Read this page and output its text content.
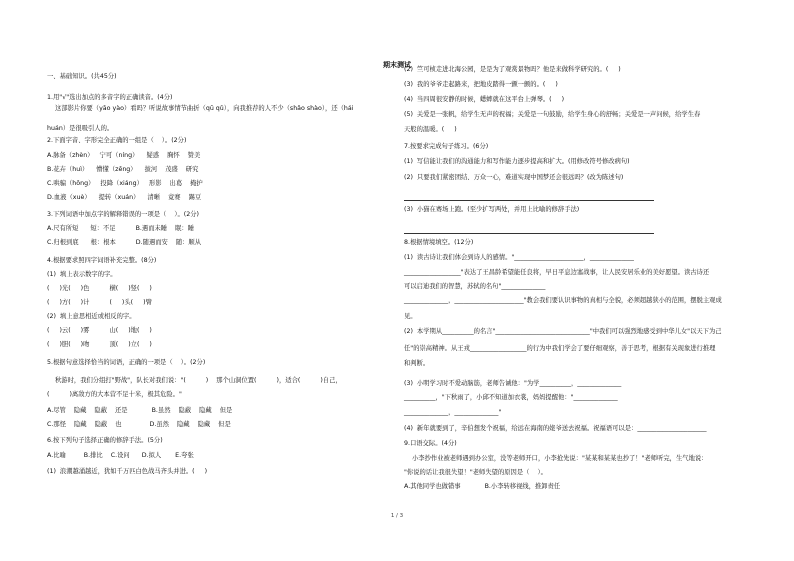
期末测试
一、基础知识。(共45分)
1.用"√"选出加点的多音字的正确读音。(4分)
这部影片你要（yāo yào）看吗？听说故事情节曲折（qū qǔ），向我推荐的人不少（shǎo shào），还（hái
huán）是很吸引人的。
2.下面字音、字形完全正确的一组是（    ）。(2分)
A.脉备（zhèn）   宁可（níng）    疑惑    胸怀    赞美
B.花卉（huì）    懵懂（zēng）    拔河    茂盛    研究
C.哄骗（hōng）   投降（xiáng）   形影    出葛    掩护
D.血液（xuè）    提转（xuán）    清晰    竟赛    踢豆
3.下列词语中加点字的解释错误的一项是（    ）。(2分)
A.尺有所短      短：不足          B.遇而未睡    眠：睡
C.归根到底      根：根本          D.随遇而安    随：顺从
4.根据要求照四字词语补充完整。(8分)
(1)  填上表示数字的字。
(     )光(     )色          横(     )竖(     )
(     )方(     )计          (     )头(     )臂
(2)  填上意思相近或相反的字。
(     )云(     )雾          山(     )地(     )
(     )胆(     )吻          顶(     )立(     )
5.根据句意选择恰当的词语，正确的一项是（    ）。(2分)
秋游时，我们分组打"野战"，队长对我们说："(          )    那个山洞位置(          )，适合(          )自己，
(          )离敌方的大本营不足十米，极其危险。"
A.尽管    隐藏    隐蔽    还是            B.虽然    隐蔽    隐藏    但是
C.那怪    隐藏    隐蔽    也              D.虽然    隐藏    隐藏    但是
6.按下列句子选择正确的修辞手法。(5分)
A.比喻         B.排比    C.设问      D.拟人       E.夸张
(1)  浪潮越涌越近，犹如千万匹白色战马齐头并进。(     )
(2)  竺可桢走进北海公园，是是为了观赏景物吗？他是来做科学研究的。(     )
(3)  我的爷爷走起路来，把地皮踏得一颤一颤的。(     )
(4)  当四周很安静的时候，蟋蟀就在这平台上弹琴。(     )
(5)  关爱是一张帆，给学生无声的祝福；关爱是一句鼓励，给学生身心的舒畅；关爱是一声问候，给学生春
天般的温暖。(     )
7.按要求完成句子练习。(6分)
(1)  写信能让我们的沟通能力和写作能力逐步提高和扩大。(用修改符号修改病句)
(2)  只要我们紧密团结、万众一心，难道实现中国梦还会很远吗？(改为陈述句)
(3)  小猫在赛场上跑。(至少扩写两处，并用上比喻的修辞手法)
8.根据情境填空。(12分)
(1)  读古诗让我们体会到诗人的感情。"______________________，______________
__________________"表达了王昌龄希望能任良将，早日平息边塞战事，让人民安居乐业的美好愿望。读古诗还
可以启迪我们的智慧，苏轼的名句"______________
______________，______________________"教会我们要认识事物的真相与全貌，必须超越狭小的范围，摆脱主观成
见。
(2)  本学期从__________的名言"______________________________"中我们可以强烈地感受到中华儿女"以天下为己
任"的崇高精神。从王戎__________________的行为中我们学会了要仔细观察，善于思考，根据有关现象进行推理
和判断。
(3)  小明学习时不爱动脑筋，老师告诫他："为学__________，______________
__________，"下秋雨了，小邱不知道加衣裳，妈妈提醒他："______________
______________，______________"
(4)  新年就要到了，辛伯想发个祝福，给远在海南的姥爷送去祝福。祝福语可以是：______________________
9.口语交际。(4分)
小李抄作业被老师遇到办公室，没等老师开口，小李抢先说："某某和某某也抄了！"老师听完，生气地说：
"你说的话让我很失望！"老师失望的原因是（    ）。
A.其他同学也做错事            B.小李转移视线，推卸责任
1 / 3
